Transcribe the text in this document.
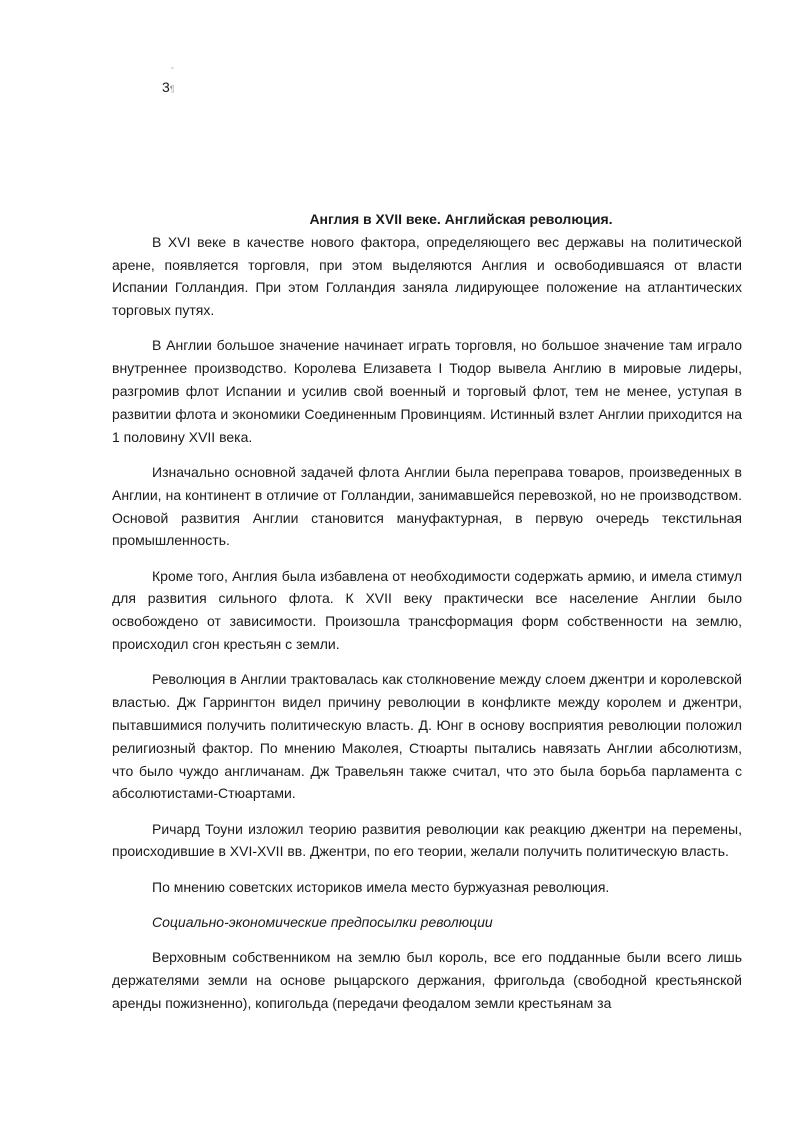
°
3¶

Англия в XVII веке. Английская революция.

В XVI веке в качестве нового фактора, определяющего вес державы на политической арене, появляется торговля, при этом выделяются Англия и освободившаяся от власти Испании Голландия. При этом Голландия заняла лидирующее положение на атлантических торговых путях.

В Англии большое значение начинает играть торговля, но большое значение там играло внутреннее производство. Королева Елизавета I Тюдор вывела Англию в мировые лидеры, разгромив флот Испании и усилив свой военный и торговый флот, тем не менее, уступая в развитии флота и экономики Соединенным Провинциям. Истинный взлет Англии приходится на 1 половину XVII века.

Изначально основной задачей флота Англии была переправа товаров, произведенных в Англии, на континент в отличие от Голландии, занимавшейся перевозкой, но не производством. Основой развития Англии становится мануфактурная, в первую очередь текстильная промышленность.

Кроме того, Англия была избавлена от необходимости содержать армию, и имела стимул для развития сильного флота. К XVII веку практически все население Англии было освобождено от зависимости. Произошла трансформация форм собственности на землю, происходил сгон крестьян с земли.

Революция в Англии трактовалась как столкновение между слоем джентри и королевской властью. Дж Гаррингтон видел причину революции в конфликте между королем и джентри, пытавшимися получить политическую власть. Д. Юнг в основу восприятия революции положил религиозный фактор. По мнению Маколея, Стюарты пытались навязать Англии абсолютизм, что было чуждо англичанам. Дж Травельян также считал, что это была борьба парламента с абсолютистами-Стюартами.

Ричард Тоуни изложил теорию развития революции как реакцию джентри на перемены, происходившие в XVI-XVII вв. Джентри, по его теории, желали получить политическую власть.

По мнению советских историков имела место буржуазная революция.

Социально-экономические предпосылки революции

Верховным собственником на землю был король, все его подданные были всего лишь держателями земли на основе рыцарского держания, фригольда (свободной крестьянской аренды пожизненно), копигольда (передачи феодалом земли крестьянам за
